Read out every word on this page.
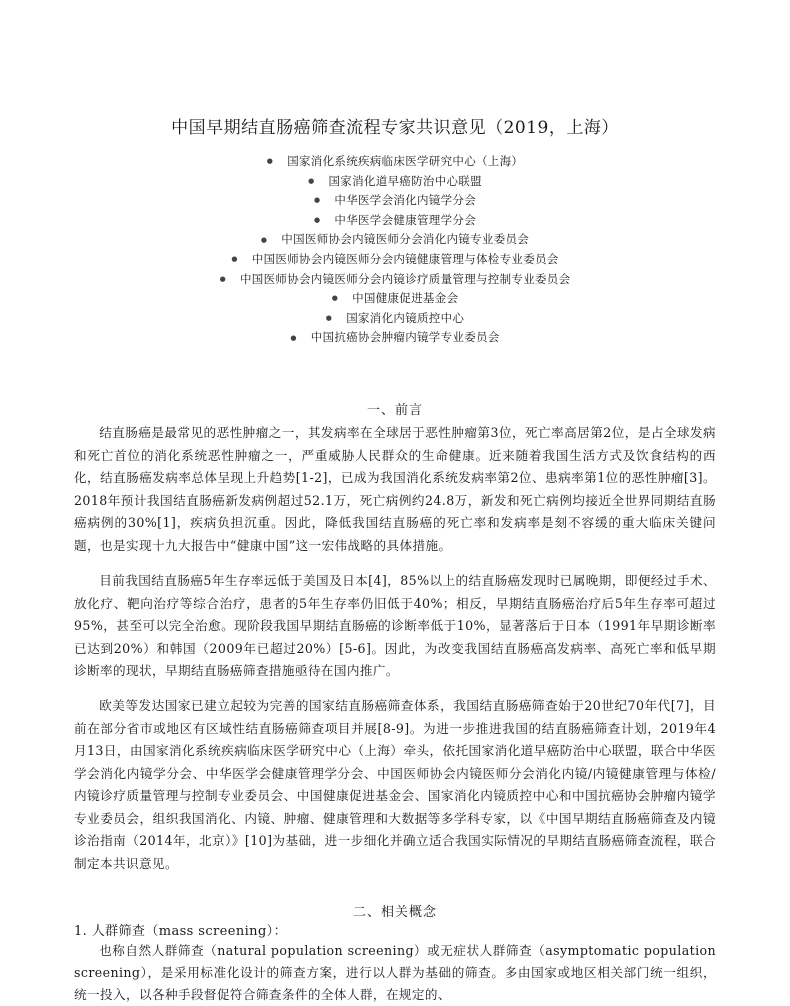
中国早期结直肠癌筛查流程专家共识意见（2019，上海）
● 国家消化系统疾病临床医学研究中心（上海）
● 国家消化道早癌防治中心联盟
● 中华医学会消化内镜学分会
● 中华医学会健康管理学分会
● 中国医师协会内镜医师分会消化内镜专业委员会
● 中国医师协会内镜医师分会内镜健康管理与体检专业委员会
● 中国医师协会内镜医师分会内镜诊疗质量管理与控制专业委员会
● 中国健康促进基金会
● 国家消化内镜质控中心
● 中国抗癌协会肿瘤内镜学专业委员会
一、前言

结直肠癌是最常见的恶性肿瘤之一，其发病率在全球居于恶性肿瘤第3位，死亡率高居第2位，是占全球发病和死亡首位的消化系统恶性肿瘤之一，严重威胁人民群众的生命健康。近来随着我国生活方式及饮食结构的西化，结直肠癌发病率总体呈现上升趋势[1-2]，已成为我国消化系统发病率第2位、患病率第1位的恶性肿瘤[3]。2018年预计我国结直肠癌新发病例超过52.1万，死亡病例约24.8万，新发和死亡病例均接近全世界同期结直肠癌病例的30%[1]，疾病负担沉重。因此，降低我国结直肠癌的死亡率和发病率是刻不容缓的重大临床关键问题，也是实现十九大报告中“健康中国”这一宏伟战略的具体措施。

目前我国结直肠癌5年生存率远低于美国及日本[4]，85%以上的结直肠癌发现时已属晚期，即便经过手术、放化疗、靶向治疗等综合治疗，患者的5年生存率仍旧低于40%；相反，早期结直肠癌治疗后5年生存率可超过95%，甚至可以完全治愈。现阶段我国早期结直肠癌的诊断率低于10%，显著落后于日本（1991年早期诊断率已达到20%）和韩国（2009年已超过20%）[5-6]。因此，为改变我国结直肠癌高发病率、高死亡率和低早期诊断率的现状，早期结直肠癌筛查措施亟待在国内推广。

欧美等发达国家已建立起较为完善的国家结直肠癌筛查体系，我国结直肠癌筛查始于20世纪70年代[7]，目前在部分省市或地区有区域性结直肠癌筛查项目并展[8-9]。为进一步推进我国的结直肠癌筛查计划，2019年4月13日，由国家消化系统疾病临床医学研究中心（上海）牵头，依托国家消化道早癌防治中心联盟，联合中华医学会消化内镜学分会、中华医学会健康管理学分会、中国医师协会内镜医师分会消化内镜/内镜健康管理与体检/内镜诊疗质量管理与控制专业委员会、中国健康促进基金会、国家消化内镜质控中心和中国抗癌协会肿瘤内镜学专业委员会，组织我国消化、内镜、肿瘤、健康管理和大数据等多学科专家，以《中国早期结直肠癌筛查及内镜诊治指南（2014年，北京）》[10]为基础，进一步细化并确立适合我国实际情况的早期结直肠癌筛查流程，联合制定本共识意见。

二、相关概念
1. 人群筛查（mass screening）：

也称自然人群筛查（natural population screening）或无症状人群筛查（asymptomatic population screening），是采用标准化设计的筛查方案，进行以人群为基础的筛查。多由国家或地区相关部门统一组织，统一投入，以各种手段督促符合筛查条件的全体人群，在规定的、
